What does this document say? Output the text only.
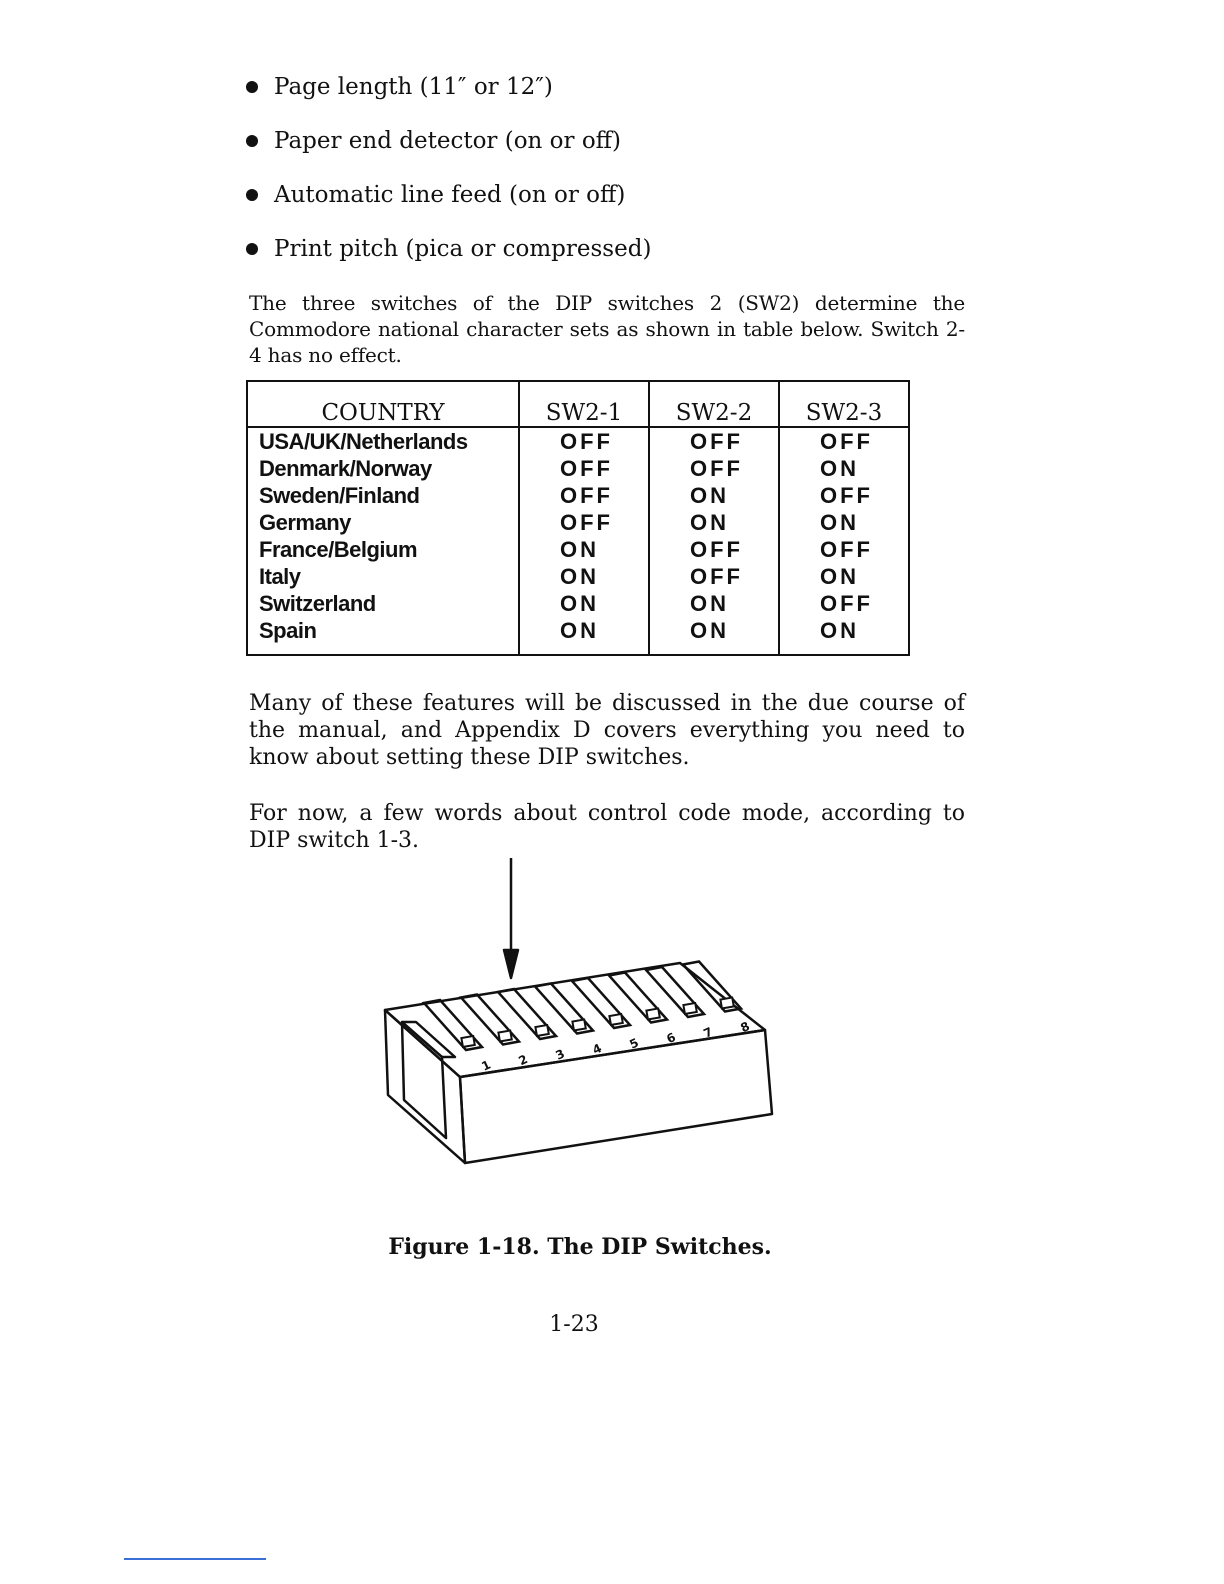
Page length (11″ or 12″)
Paper end detector (on or off)
Automatic line feed (on or off)
Print pitch (pica or compressed)

The three switches of the DIP switches 2 (SW2) determine the Commodore national character sets as shown in table below. Switch 2-4 has no effect.

COUNTRY	SW2-1	SW2-2	SW2-3
USA/UK/Netherlands	OFF	OFF	OFF
Denmark/Norway	OFF	OFF	ON
Sweden/Finland	OFF	ON	OFF
Germany	OFF	ON	ON
France/Belgium	ON	OFF	OFF
Italy	ON	OFF	ON
Switzerland	ON	ON	OFF
Spain	ON	ON	ON

Many of these features will be discussed in the due course of the manual, and Appendix D covers everything you need to know about setting these DIP switches.

For now, a few words about control code mode, according to DIP switch 1-3.

1 2 3 4 5 6 7 8

Figure 1-18. The DIP Switches.

1-23
